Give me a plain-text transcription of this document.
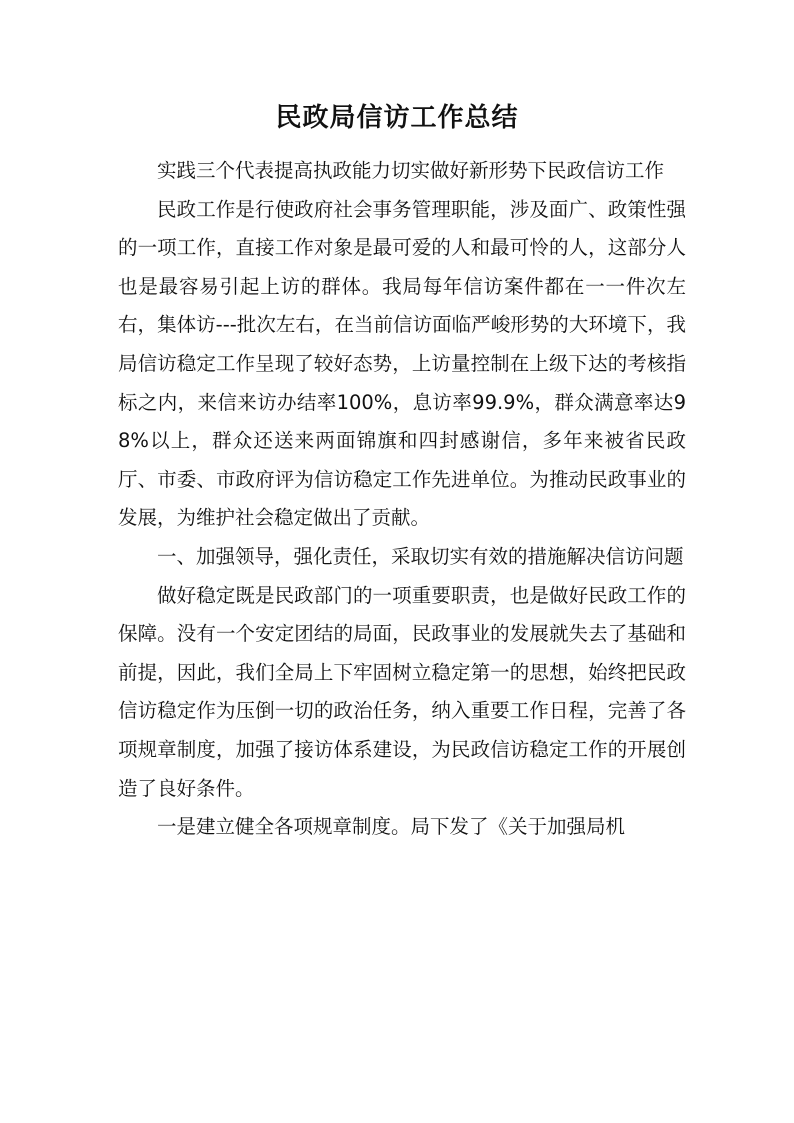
民政局信访工作总结

实践三个代表提高执政能力切实做好新形势下民政信访工作

民政工作是行使政府社会事务管理职能，涉及面广、政策性强的一项工作，直接工作对象是最可爱的人和最可怜的人，这部分人也是最容易引起上访的群体。我局每年信访案件都在一一件次左右，集体访---批次左右，在当前信访面临严峻形势的大环境下，我局信访稳定工作呈现了较好态势，上访量控制在上级下达的考核指标之内，来信来访办结率100%，息访率99.9%，群众满意率达98%以上，群众还送来两面锦旗和四封感谢信，多年来被省民政厅、市委、市政府评为信访稳定工作先进单位。为推动民政事业的发展，为维护社会稳定做出了贡献。

一、加强领导，强化责任，采取切实有效的措施解决信访问题

做好稳定既是民政部门的一项重要职责，也是做好民政工作的保障。没有一个安定团结的局面，民政事业的发展就失去了基础和前提，因此，我们全局上下牢固树立稳定第一的思想，始终把民政信访稳定作为压倒一切的政治任务，纳入重要工作日程，完善了各项规章制度，加强了接访体系建设，为民政信访稳定工作的开展创造了良好条件。

一是建立健全各项规章制度。局下发了《关于加强局机
